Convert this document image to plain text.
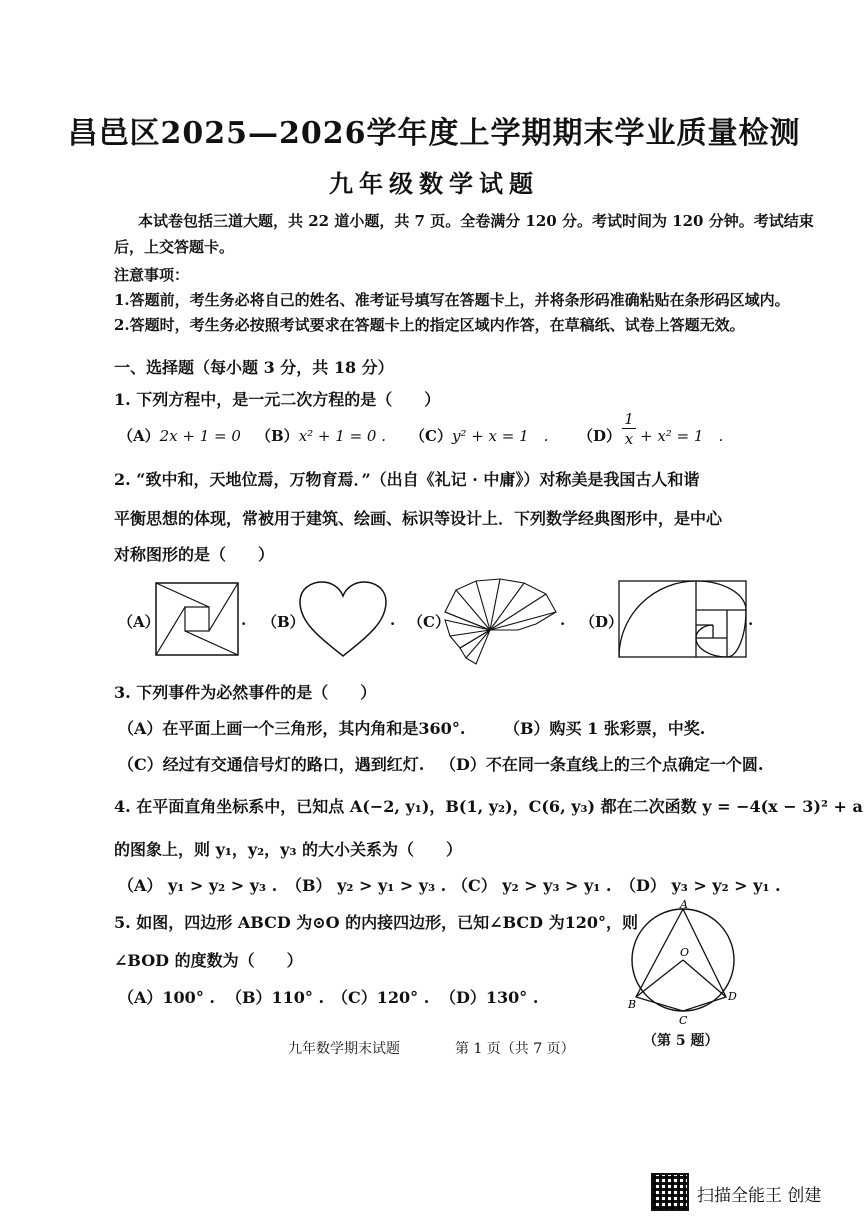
昌邑区2025—2026学年度上学期期末学业质量检测
九年级数学试题
本试卷包括三道大题，共 22 道小题，共 7 页。全卷满分 120 分。考试时间为 120 分钟。考试结束
后，上交答题卡。
注意事项：
1.答题前，考生务必将自己的姓名、准考证号填写在答题卡上，并将条形码准确粘贴在条形码区域内。
2.答题时，考生务必按照考试要求在答题卡上的指定区域内作答，在草稿纸、试卷上答题无效。
一、选择题（每小题 3 分，共 18 分）
1. 下列方程中，是一元二次方程的是（　　）
（A）2x + 1 = 0 （B）x² + 1 = 0 . （C）y² + x = 1　. （D）
1
x + x² = 1　.
2. “致中和，天地位焉，万物育焉．”（出自《礼记 · 中庸》）对称美是我国古人和谐
平衡思想的体现，常被用于建筑、绘画、标识等设计上．下列数学经典图形中，是中心
对称图形的是（　　）
（A）	. （B）	. （C）	. （D）	.
3. 下列事件为必然事件的是（　　）
（A）在平面上画一个三角形，其内角和是360°. （B）购买 1 张彩票，中奖.
（C）经过有交通信号灯的路口，遇到红灯. （D）不在同一条直线上的三个点确定一个圆.
4. 在平面直角坐标系中，已知点 A(−2, y₁)，B(1, y₂)，C(6, y₃) 都在二次函数 y = −4(x − 3)² + a
的图象上，则 y₁，y₂，y₃ 的大小关系为（　　）
（A） y₁ > y₂ > y₃ . （B） y₂ > y₁ > y₃ . （C） y₂ > y₃ > y₁ . （D） y₃ > y₂ > y₁ .
5. 如图，四边形 ABCD 为⊙O 的内接四边形，已知∠BCD 为120°，则
∠BOD 的度数为（　　）
（A）100° . （B）110° . （C）120° . （D）130° .
A
B
C
D
O
（第 5 题）
九年数学期末试题	第 1 页（共 7 页）
扫描全能王 创建
